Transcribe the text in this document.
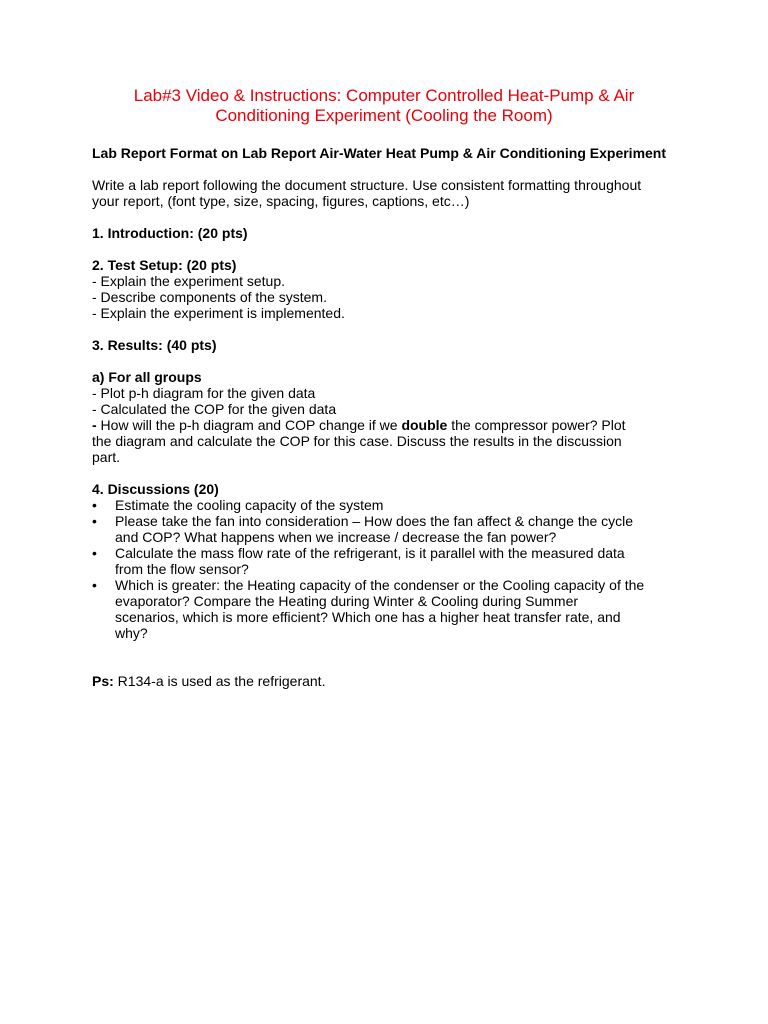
Lab#3 Video & Instructions: Computer Controlled Heat-Pump & Air
Conditioning Experiment (Cooling the Room)

Lab Report Format on Lab Report Air-Water Heat Pump & Air Conditioning Experiment

Write a lab report following the document structure. Use consistent formatting throughout
your report, (font type, size, spacing, figures, captions, etc…)

1. Introduction: (20 pts)

2. Test Setup: (20 pts)

- Explain the experiment setup.

- Describe components of the system.

- Explain the experiment is implemented.

3. Results: (40 pts)

a) For all groups

- Plot p-h diagram for the given data

- Calculated the COP for the given data

- How will the p-h diagram and COP change if we double the compressor power? Plot
the diagram and calculate the COP for this case. Discuss the results in the discussion
part.

4. Discussions (20)

•	Estimate the cooling capacity of the system
•	Please take the fan into consideration – How does the fan affect & change the cycle
and COP? What happens when we increase / decrease the fan power?
•	Calculate the mass flow rate of the refrigerant, is it parallel with the measured data
from the flow sensor?
•	Which is greater: the Heating capacity of the condenser or the Cooling capacity of the
evaporator? Compare the Heating during Winter & Cooling during Summer
scenarios, which is more efficient? Which one has a higher heat transfer rate, and
why?

Ps: R134-a is used as the refrigerant.
